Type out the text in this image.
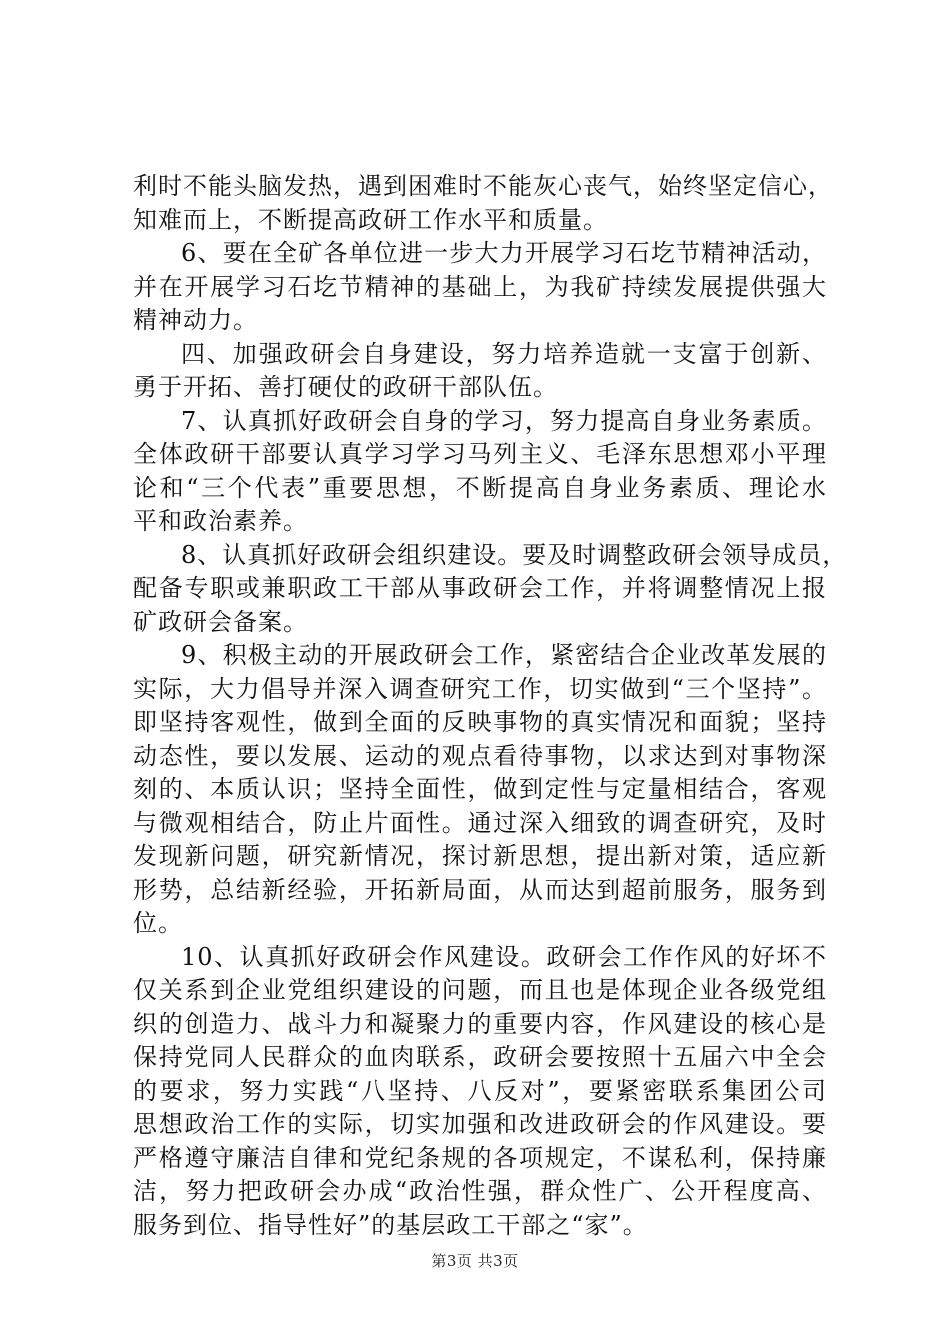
利时不能头脑发热，遇到困难时不能灰心丧气，始终坚定信心，
知难而上，不断提高政研工作水平和质量。
6、要在全矿各单位进一步大力开展学习石圪节精神活动，
并在开展学习石圪节精神的基础上，为我矿持续发展提供强大
精神动力。
四、加强政研会自身建设，努力培养造就一支富于创新、
勇于开拓、善打硬仗的政研干部队伍。
7、认真抓好政研会自身的学习，努力提高自身业务素质。
全体政研干部要认真学习学习马列主义、毛泽东思想邓小平理
论和“三个代表”重要思想，不断提高自身业务素质、理论水
平和政治素养。
8、认真抓好政研会组织建设。要及时调整政研会领导成员，
配备专职或兼职政工干部从事政研会工作，并将调整情况上报
矿政研会备案。
9、积极主动的开展政研会工作，紧密结合企业改革发展的
实际，大力倡导并深入调查研究工作，切实做到“三个坚持”。
即坚持客观性，做到全面的反映事物的真实情况和面貌；坚持
动态性，要以发展、运动的观点看待事物，以求达到对事物深
刻的、本质认识；坚持全面性，做到定性与定量相结合，客观
与微观相结合，防止片面性。通过深入细致的调查研究，及时
发现新问题，研究新情况，探讨新思想，提出新对策，适应新
形势，总结新经验，开拓新局面，从而达到超前服务，服务到
位。
10、认真抓好政研会作风建设。政研会工作作风的好坏不
仅关系到企业党组织建设的问题，而且也是体现企业各级党组
织的创造力、战斗力和凝聚力的重要内容，作风建设的核心是
保持党同人民群众的血肉联系，政研会要按照十五届六中全会
的要求，努力实践“八坚持、八反对”，要紧密联系集团公司
思想政治工作的实际，切实加强和改进政研会的作风建设。要
严格遵守廉洁自律和党纪条规的各项规定，不谋私利，保持廉
洁，努力把政研会办成“政治性强，群众性广、公开程度高、
服务到位、指导性好”的基层政工干部之“家”。
第3页 共3页
